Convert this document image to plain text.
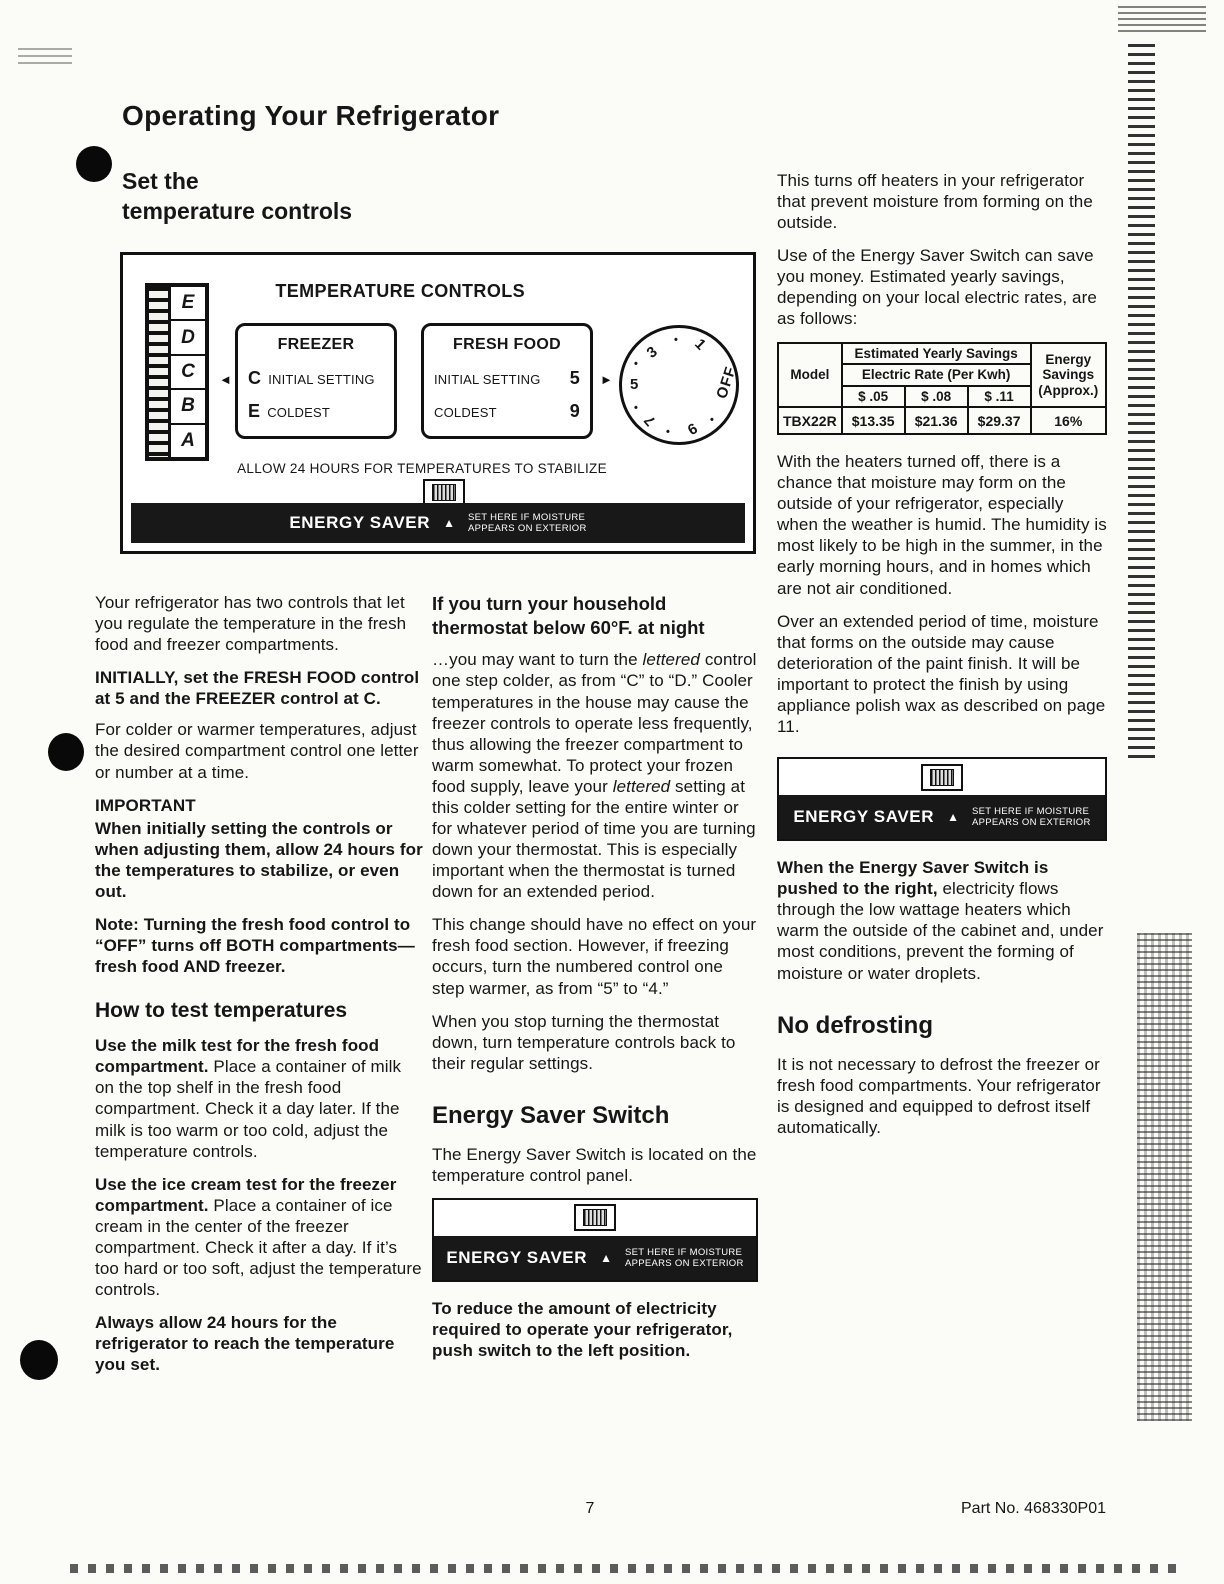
Operating Your Refrigerator
Set the
temperature controls
TEMPERATURE CONTROLS
E
D
C
B
A
◄
FREEZER
C INITIAL SETTING
E COLDEST
FRESH FOOD
INITIAL SETTING 5
COLDEST	9
►
1
3
5
7 9
OFF
•
•
•
•
•
ALLOW 24 HOURS FOR TEMPERATURES TO STABILIZE
ENERGY SAVER ▲ SET HERE IF MOISTURE
APPEARS ON EXTERIOR

Your refrigerator has two controls that let you regulate the temperature in the fresh food and freezer compartments.

INITIALLY, set the FRESH FOOD control at 5 and the FREEZER control at C.

For colder or warmer temperatures, adjust the desired compartment control one letter or number at a time.

IMPORTANT

When initially setting the controls or when adjusting them, allow 24 hours for the temperatures to stabilize, or even out.

Note: Turning the fresh food control to “OFF” turns off BOTH compartments—fresh food AND freezer.

How to test temperatures

Use the milk test for the fresh food compartment. Place a container of milk on the top shelf in the fresh food compartment. Check it a day later. If the milk is too warm or too cold, adjust the temperature controls.

Use the ice cream test for the freezer compartment. Place a container of ice cream in the center of the freezer compartment. Check it after a day. If it’s too hard or too soft, adjust the temperature controls.

Always allow 24 hours for the refrigerator to reach the temperature you set.

If you turn your household thermostat below 60°F. at night

…you may want to turn the lettered control one step colder, as from “C” to “D.” Cooler temperatures in the house may cause the freezer controls to operate less frequently, thus allowing the freezer compartment to warm somewhat. To protect your frozen food supply, leave your lettered setting at this colder setting for the entire winter or for whatever period of time you are turning down your thermostat. This is especially important when the thermostat is turned down for an extended period.

This change should have no effect on your fresh food section. However, if freezing occurs, turn the numbered control one step warmer, as from “5” to “4.”

When you stop turning the thermostat down, turn temperature controls back to their regular settings.

Energy Saver Switch

The Energy Saver Switch is located on the temperature control panel.

ENERGY SAVER ▲ SET HERE IF MOISTURE
APPEARS ON EXTERIOR

To reduce the amount of electricity required to operate your refrigerator, push switch to the left position.

This turns off heaters in your refrigerator that prevent moisture from forming on the outside.

Use of the Energy Saver Switch can save you money. Estimated yearly savings, depending on your local electric rates, are as follows:

Model	Estimated Yearly Savings			Energy
Savings
(Approx.)

	Electric Rate (Per Kwh)			
	$ .05	$ .08	$ .11	
TBX22R	$13.35	$21.36	$29.37	16%

With the heaters turned off, there is a chance that moisture may form on the outside of your refrigerator, especially when the weather is humid. The humidity is most likely to be high in the summer, in the early morning hours, and in homes which are not air conditioned.

Over an extended period of time, moisture that forms on the outside may cause deterioration of the paint finish. It will be important to protect the finish by using appliance polish wax as described on page 11.

ENERGY SAVER ▲ SET HERE IF MOISTURE
APPEARS ON EXTERIOR

When the Energy Saver Switch is pushed to the right, electricity flows through the low wattage heaters which warm the outside of the cabinet and, under most conditions, prevent the forming of moisture or water droplets.

No defrosting

It is not necessary to defrost the freezer or fresh food compartments. Your refrigerator is designed and equipped to defrost itself automatically.

7	Part No. 468330P01
